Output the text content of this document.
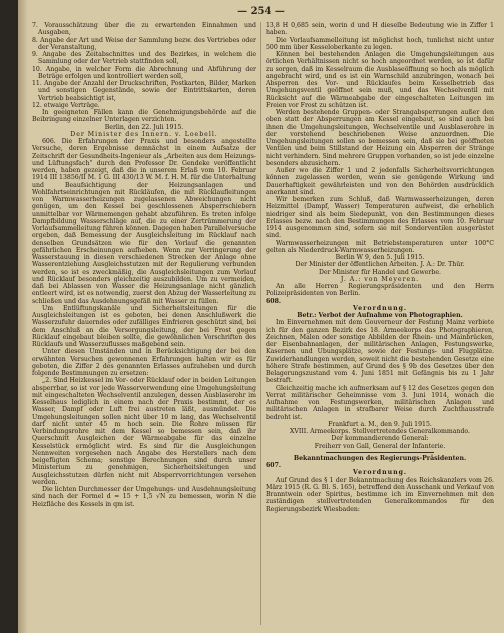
— 254 —

7. Vorausschätzung über die zu erwartenden Einnahmen und Ausgaben,

8. Angabe der Art und Weise der Sammlung bezw. des Vertriebes oder der Veranstaltung,

9. Angabe des Zeitabschnittes und des Bezirkes, in welchem die Sammlung oder der Vertrieb stattfinden soll,

10. Angabe, in welcher Form die Abrechnung und Abführung der Beträge erfolgen und kontrolliert werden soll,

11. Angabe der Anzahl der Druckschriften, Postkarten, Bilder, Marken und sonstigen Gegenstände, sowie der Eintrittskarten, deren Vertrieb beabsichtigt ist,

12. etwaige Verträge.

In geeigneten Fällen kann die Genehmigungsbehörde auf die Beibringung einzelner Unterlagen verzichten.

Berlin, den 22. Juli 1915.

Der Minister des Innern. v. Loebell.

606. Die Erfahrungen der Praxis und besonders angestellte Versuche, deren Ergebnisse demnächst in einem Aufsatze der Zeitschrift der Gesundheits-Ingenieur als „Arbeiten aus dem Heizungs- und Lüftungsfach“ durch den Professor Dr. Gendeke veröffentlicht werden, haben gezeigt, daß die in unserem Erlaß vom 10. Februar 1914 III 13856/II M. 1 G. III 430/13 W. M. f. H. M. für die Unterhaltung und Beaufsichtigung der Heizungsanlagen und Wohlfahrtseinrichtungen mit Rückläufen, die mit Rücklaufleitungen von Warmwasserheizungen zugelassenen Abweichungen nicht genügen, um den Kessel bei geschlossenen Absperrschiebern unmittelbar vor Wärmemengen gehabt abzuführen. Es treten infolge Dampfbildung Wasserschläge auf, die zu einer Zertrümmerung der Vorlaufsammelleitung führen können. Dagegen haben Parallelversuche ergeben, daß Bemessung der Ausgleichsleitung im Rücklauf nach denselben Grundsätzen wie für den Vorlauf die genannten gefährlichen Erscheinungen aufheben. Wenn zur Verringerung der Wasserstauung in diesen verschiedenen Strecken der Anlage ohne Wasserentziehung Ausgleichsstutzen mit der Regulierung verbunden werden, so ist es zweckmäßig, die Ausgleichsleitungen zum Vorlauf und Rücklauf besonders gleichzeitig auszubilden. Um zu vermeiden, daß bei Ablassen von Wasser die Heizungsanlage nicht gänzlich entleert wird, ist es notwendig, zuerst den Abzug der Wasserleitung zu schließen und das Ausdehnungsgefäß mit Wasser zu füllen.

Um Entlüftungskanäle und Sicherheitsleitungen für die Ausgleichsleitungen ist es geboten, bei denen Anschlußwerk die Wasserzufuhr dauerndes oder zufälliges Einfrieren geschützt sind, bei dem Anschluß an die Versorgungsleitung, der bei Frost gegen Rücklauf eingebaut bleiben sollte, die gewöhnlichen Vorschriften des Rücklaufs und Wasserzuflusses maßgebend sein.

Unter diesen Umständen und in Berücksichtigung der bei den erwähnten Versuchen gewonnenen Erfahrungen halten wir es für geboten, die Ziffer 2 des genannten Erlasses aufzuheben und durch folgende Bestimmungen zu ersetzen:

„2. Sind Heizkessel im Vor- oder Rücklauf oder in beiden Leitungen absperrbar, so ist vor jede Wasserverwendung eine Umgehungsleitung mit eingeschalteten Wechselventil anzulegen, dessen Ausblaserohr im Kesselhaus lediglich in einem nach der Praxis bestimmt, der es Wasser, Dampf oder Luft frei austreten läßt, ausmündet. Die Umgehungsleitungen sollen nicht über 10 m lang, das Wechselventil darf nicht unter 45 m hoch sein. Die Rohre müssen für Verbindungsrohre mit dem Kessel so bemessen sein, daß ihr Querschnitt Ausgleichen der Wärmeabgabe für das einzelne Kesselstück ermöglicht wird. Es sind für die Ausgleichungen Nennweiten vorgesehen nach Angabe des Herstellers nach dem beigefügten Schema; sonstige Berechnungen sind durch unser Ministerium zu genehmigen, Sicherheitsleitungen und Ausgleichsstutzen dürfen nicht mit Absperrvorrichtungen versehen werden.

Die lichten Durchmesser der Umgehungs- und Ausdehnungsleitung sind nach der Formel d = 15 + 1,5 √N zu bemessen, worin N die Heizfläche des Kessels in qm ist.

13,8 H 0,685 sein, worin d und H dieselbe Bedeutung wie in Ziffer 1 haben.

Die Vorlaufsammelleitung ist möglichst hoch, tunlichst nicht unter 500 mm über Kesseloberkante zu legen.

Können bei bestehenden Anlagen die Umgehungsleitungen aus örtlichen Verhältnissen nicht so hoch angeordnet werden, so ist dafür zu sorgen, daß im Kesselraum die Ausblaseöffnung so hoch als möglich angebracht wird, und es ist ein Warnschild anzubringen, wonach bei Absperren des Vor- und Rücklaufes beim Kesselbetrieb das Umgehungsventil geöffnet sein muß, und das Wechselventil mit Rücksicht auf die Wärmeabgabe der eingeschalteten Leitungen im Freien vor Frost zu schützen ist.

Werden bestehende Gruppen- oder Strangabsperrungen außer den oben statt der Absperrungen am Kessel eingebaut, so sind auch bei ihnen die Umgehungsleitungen, Wechselventile und Ausblaserohre in der vorstehend beschriebenen Weise anzuordnen. Die Umgehungsleitungen sollen so bemessen sein, daß sie bei geöffneten Ventilen und beim Stillstand der Heizung ein Absperren der Stränge nicht verhindern. Sind mehrere Gruppen vorhanden, so ist jede einzelne besonders abzusichern.

Außer wo die Ziffer 1 und 2 jedenfalls Sicherheitsvorrichtungen können zugelassen werden, wenn sie genügende Wirkung und Dauerhaftigkeit gewährleisten und von den Behörden ausdrücklich anerkannt sind.

Wir bemerken zum Schluß, daß Warmwasserheizungen, deren Heizmittel (Dampf, Wasser) Temperaturen aufweist, die erheblich niedriger sind als beim Siedepunkt, von den Bestimmungen dieses Erlasses bezw. nach den Bestimmungen des Erlasses vom 10. Februar 1914 ausgenommen sind, sofern sie mit Sonderventilen ausgerüstet sind.

Warmwasserheizungen mit Betriebstemperaturen unter 100°C gelten als Niederdruck-Warmwasserheizungen.

Berlin W 9, den 5. Juli 1915.

Der Minister der öffentlichen Arbeiten. J. A.: Dr. Thür.

Der Minister für Handel und Gewerbe.

J. A.: von Meyeren.

An alle Herren Regierungspräsidenten und den Herrn Polizeipräsidenten von Berlin.

608.

Verordnung.

Betr.: Verbot der Aufnahme von Photographien.

Im Einvernehmen mit dem Gouverneur der Festung Mainz verbiete ich für den ganzen Bezirk des 18. Armeekorps das Photographieren, Zeichnen, Malen oder sonstige Abbilden der Rhein- und Mainbrücken, der Eisenbahnanlagen, der militärischen Anlagen, Festungswerke, Kasernen und Ubungsplätze, sowie der Festungs- und Flugplätze. Zuwiderhandlungen werden, soweit nicht die bestehenden Gesetze eine höhere Strafe bestimmen, auf Grund des § 9b des Gesetzes über den Belagerungszustand vom 4. Juni 1851 mit Gefängnis bis zu 1 Jahr bestraft.

Gleichzeitig mache ich aufmerksam auf § 12 des Gesetzes gegen den Verrat militärischer Geheimnisse vom 3. Juni 1914, wonach die Aufnahme von Festungswerken, militärischen Anlagen und militärischen Anlagen in strafbarer Weise durch Zuchthausstrafe bedroht ist.

Frankfurt a. M., den 9. Juli 1915.

XVIII. Armeekorps. Stellvertretendes Generalkommando.

Der kommandierende General:

Freiherr von Gall, General der Infanterie.

Bekanntmachungen des Regierungs-Präsidenten.

607.

Verordnung.

Auf Grund des § 1 der Bekanntmachung des Reichskanzlers vom 26. März 1915 (R. G. Bl. S. 165), betreffend den Ausschank und Verkauf von Branntwein oder Spiritus, bestimme ich im Einvernehmen mit den zuständigen stellvertretenden Generalkommandos für den Regierungsbezirk Wiesbaden:
